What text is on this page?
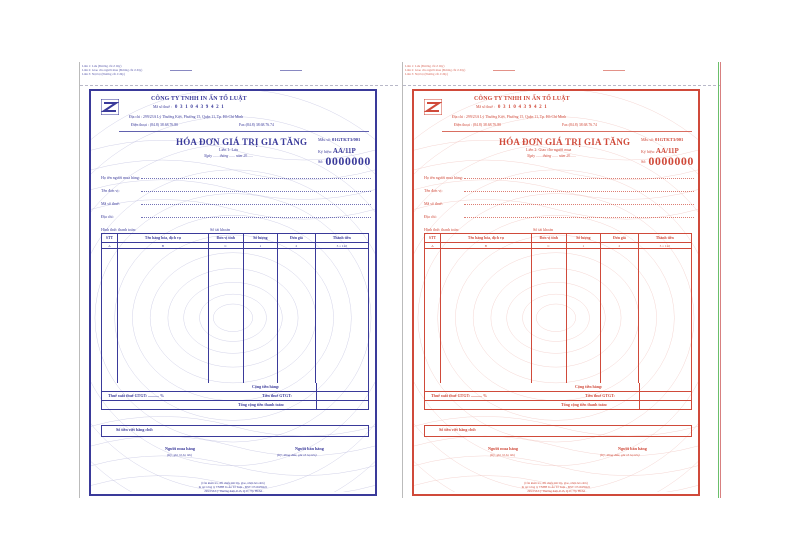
Liên 1: Lưu (Đường cắt ở đây)
Liên 2: Giao cho người mua (Đường cắt ở đây)
Liên 3: Nội bộ (Đường cắt ở đây)
CÔNG TY TNHH IN ẤN TỐ LUẬT
Mã số thuế : 0 3 1 0 4 3 9 4 2 1
Địa chỉ : 299/23A Lý Thường Kiệt, Phường 15, Quận 11, Tp. Hồ Chí Minh
Điện thoại : (84.8) 38.68.76.80	Fax:(84.8) 38.68.76.74
HÓA ĐƠN GIÁ TRỊ GIA TĂNG
Liên 1: Lưu
Ngày ...... tháng ...... năm 20......
Mẫu số: 01GTKT3/001
Ký hiệu: AA/11P
Số: 0000000
Họ tên người mua hàng:
Tên đơn vị:
Mã số thuế:
Địa chỉ:
Hình thức thanh toán:	Số tài khoản
STT	Tên hàng hóa, dịch vụ	Đơn vị tính	Số lượng	Đơn giá	Thành tiền
A	B	C	1	2	3 = 1x2

Cộng tiền hàng:
Thuế suất thuế GTGT: ........... %	Tiền thuế GTGT:
Tổng cộng tiền thanh toán:
Số tiền viết bằng chữ:
Người mua hàng
(Ký, ghi rõ họ tên)
Người bán hàng
(Ký, đóng dấu, ghi rõ họ tên)
(Cần kiểm tra, đối chiếu khi lập, giao, nhận hóa đơn)
In tại Công ty TNHH In Ấn Tố Luật - MST: 0310439421
299/23A Lý Thường Kiệt, P.15, Q.11, Tp. HCM
Liên 1: Lưu (Đường cắt ở đây)
Liên 2: Giao cho người mua (Đường cắt ở đây)
Liên 3: Nội bộ (Đường cắt ở đây)
CÔNG TY TNHH IN ẤN TỐ LUẬT
Mã số thuế : 0 3 1 0 4 3 9 4 2 1
Địa chỉ : 299/23A Lý Thường Kiệt, Phường 15, Quận 11, Tp. Hồ Chí Minh
Điện thoại : (84.8) 38.68.76.80	Fax:(84.8) 38.68.76.74
HÓA ĐƠN GIÁ TRỊ GIA TĂNG
Liên 2: Giao cho người mua
Ngày ...... tháng ...... năm 20......
Mẫu số: 01GTKT3/001
Ký hiệu: AA/11P
Số: 0000000
Họ tên người mua hàng:
Tên đơn vị:
Mã số thuế:
Địa chỉ:
Hình thức thanh toán:	Số tài khoản
STT	Tên hàng hóa, dịch vụ	Đơn vị tính	Số lượng	Đơn giá	Thành tiền
A	B	C	1	2	3 = 1x2

Cộng tiền hàng:
Thuế suất thuế GTGT: ........... %	Tiền thuế GTGT:
Tổng cộng tiền thanh toán:
Số tiền viết bằng chữ:
Người mua hàng
(Ký, ghi rõ họ tên)
Người bán hàng
(Ký, đóng dấu, ghi rõ họ tên)
(Cần kiểm tra, đối chiếu khi lập, giao, nhận hóa đơn)
In tại Công ty TNHH In Ấn Tố Luật - MST: 0310439421
299/23A Lý Thường Kiệt, P.15, Q.11, Tp. HCM
